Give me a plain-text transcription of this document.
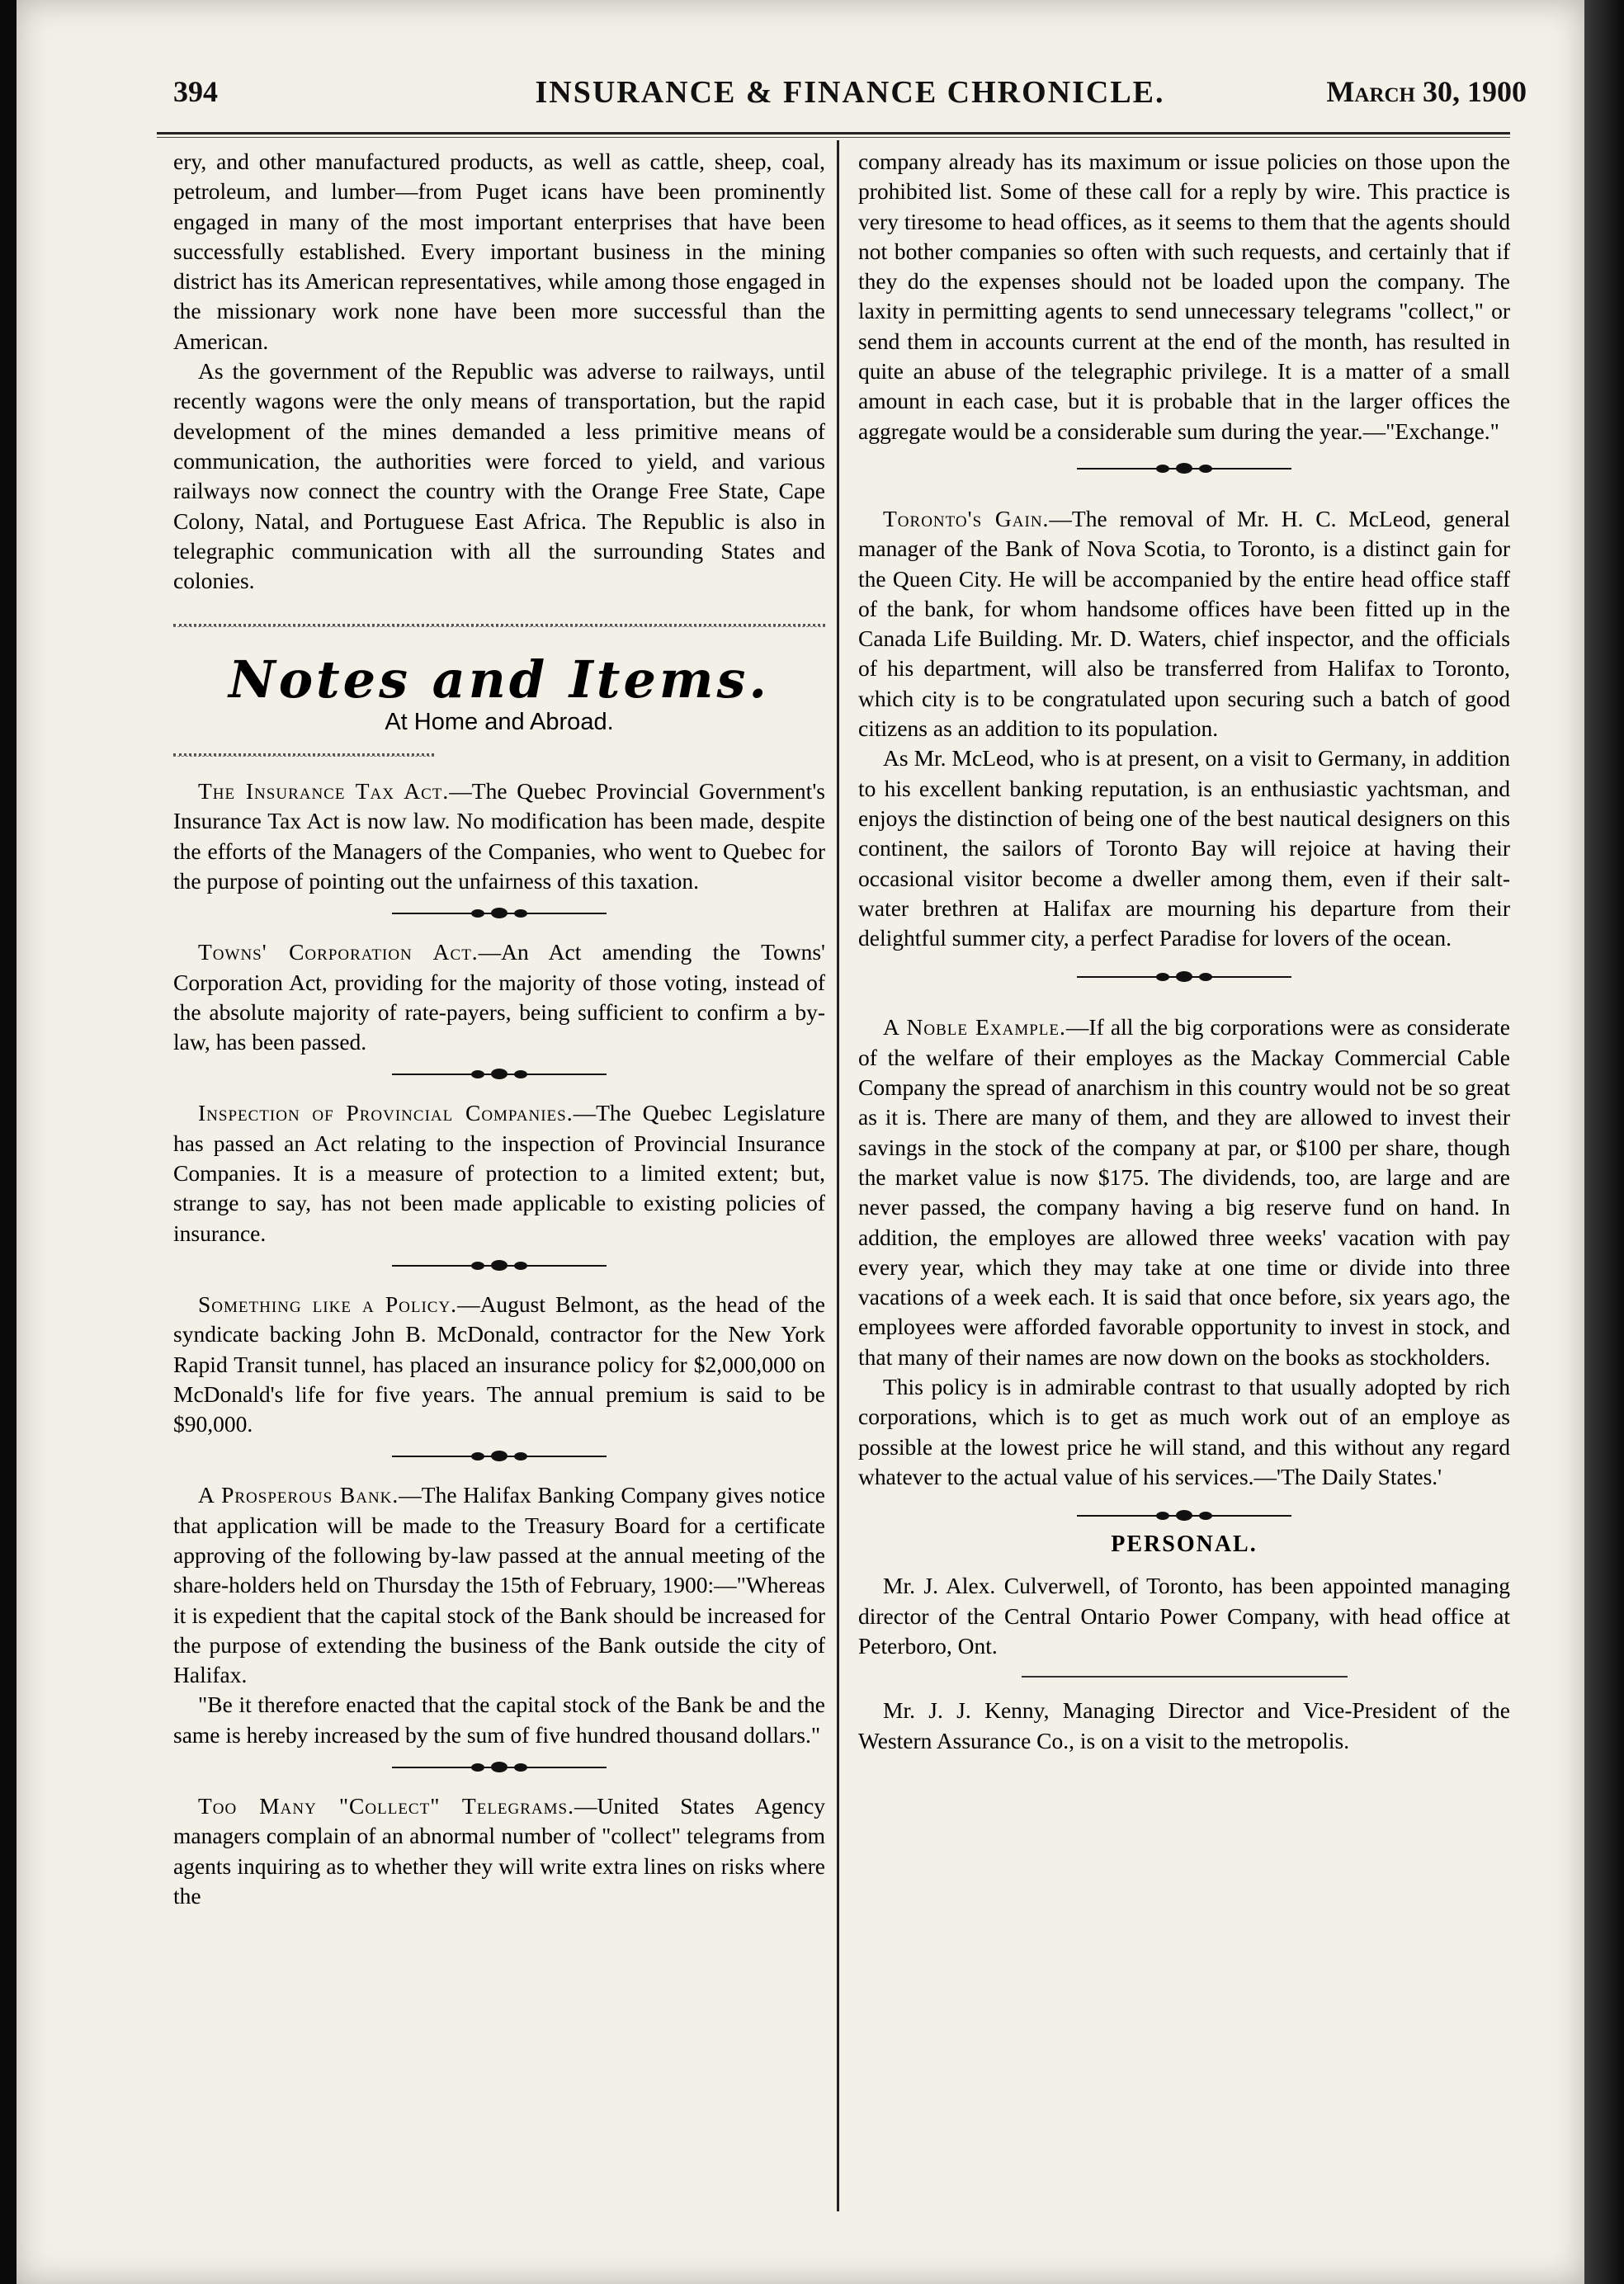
394	INSURANCE & FINANCE CHRONICLE.	March 30, 1900

ery, and other manufactured products, as well as cattle, sheep, coal, petroleum, and lumber—from Puget icans have been prominently engaged in many of the most important enterprises that have been successfully established. Every important business in the mining district has its American representatives, while among those engaged in the missionary work none have been more successful than the American.

As the government of the Republic was adverse to railways, until recently wagons were the only means of transportation, but the rapid development of the mines demanded a less primitive means of communication, the authorities were forced to yield, and various railways now connect the country with the Orange Free State, Cape Colony, Natal, and Portuguese East Africa. The Republic is also in telegraphic communication with all the surrounding States and colonies.

Notes and Items.
At Home and Abroad.

The Insurance Tax Act.—The Quebec Provincial Government's Insurance Tax Act is now law. No modification has been made, despite the efforts of the Managers of the Companies, who went to Quebec for the purpose of pointing out the unfairness of this taxation.

Towns' Corporation Act.—An Act amending the Towns' Corporation Act, providing for the majority of those voting, instead of the absolute majority of rate-payers, being sufficient to confirm a by-law, has been passed.

Inspection of Provincial Companies.—The Quebec Legislature has passed an Act relating to the inspection of Provincial Insurance Companies. It is a measure of protection to a limited extent; but, strange to say, has not been made applicable to existing policies of insurance.

Something like a Policy.—August Belmont, as the head of the syndicate backing John B. McDonald, contractor for the New York Rapid Transit tunnel, has placed an insurance policy for $2,000,000 on McDonald's life for five years. The annual premium is said to be $90,000.

A Prosperous Bank.—The Halifax Banking Company gives notice that application will be made to the Treasury Board for a certificate approving of the following by-law passed at the annual meeting of the share-holders held on Thursday the 15th of February, 1900:—"Whereas it is expedient that the capital stock of the Bank should be increased for the purpose of extending the business of the Bank outside the city of Halifax.

"Be it therefore enacted that the capital stock of the Bank be and the same is hereby increased by the sum of five hundred thousand dollars."

Too Many "Collect" Telegrams.—United States Agency managers complain of an abnormal number of "collect" telegrams from agents inquiring as to whether they will write extra lines on risks where the

company already has its maximum or issue policies on those upon the prohibited list. Some of these call for a reply by wire. This practice is very tiresome to head offices, as it seems to them that the agents should not bother companies so often with such requests, and certainly that if they do the expenses should not be loaded upon the company. The laxity in permitting agents to send unnecessary telegrams "collect," or send them in accounts current at the end of the month, has resulted in quite an abuse of the telegraphic privilege. It is a matter of a small amount in each case, but it is probable that in the larger offices the aggregate would be a considerable sum during the year.—"Exchange."

Toronto's Gain.—The removal of Mr. H. C. McLeod, general manager of the Bank of Nova Scotia, to Toronto, is a distinct gain for the Queen City. He will be accompanied by the entire head office staff of the bank, for whom handsome offices have been fitted up in the Canada Life Building. Mr. D. Waters, chief inspector, and the officials of his department, will also be transferred from Halifax to Toronto, which city is to be congratulated upon securing such a batch of good citizens as an addition to its population.

As Mr. McLeod, who is at present, on a visit to Germany, in addition to his excellent banking reputation, is an enthusiastic yachtsman, and enjoys the distinction of being one of the best nautical designers on this continent, the sailors of Toronto Bay will rejoice at having their occasional visitor become a dweller among them, even if their salt-water brethren at Halifax are mourning his departure from their delightful summer city, a perfect Paradise for lovers of the ocean.

A Noble Example.—If all the big corporations were as considerate of the welfare of their employes as the Mackay Commercial Cable Company the spread of anarchism in this country would not be so great as it is. There are many of them, and they are allowed to invest their savings in the stock of the company at par, or $100 per share, though the market value is now $175. The dividends, too, are large and are never passed, the company having a big reserve fund on hand. In addition, the employes are allowed three weeks' vacation with pay every year, which they may take at one time or divide into three vacations of a week each. It is said that once before, six years ago, the employees were afforded favorable opportunity to invest in stock, and that many of their names are now down on the books as stockholders.

This policy is in admirable contrast to that usually adopted by rich corporations, which is to get as much work out of an employe as possible at the lowest price he will stand, and this without any regard whatever to the actual value of his services.—'The Daily States.'

PERSONAL.

Mr. J. Alex. Culverwell, of Toronto, has been appointed managing director of the Central Ontario Power Company, with head office at Peterboro, Ont.

Mr. J. J. Kenny, Managing Director and Vice-President of the Western Assurance Co., is on a visit to the metropolis.
